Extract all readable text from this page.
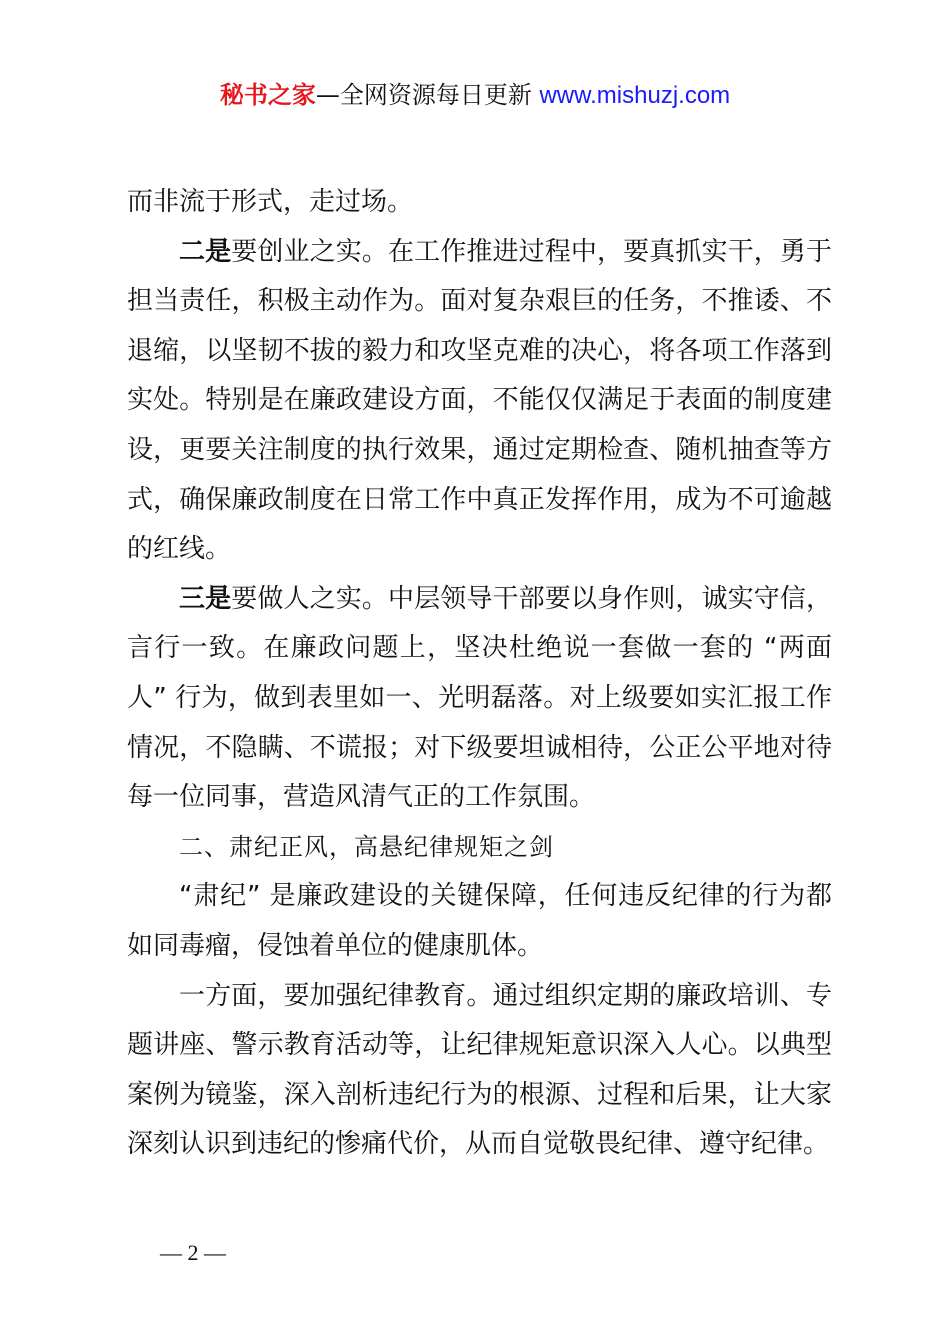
秘书之家—全网资源每日更新 www.mishuzj.com

而非流于形式，走过场。

二是要创业之实。在工作推进过程中，要真抓实干，勇于担当责任，积极主动作为。面对复杂艰巨的任务，不推诿、不退缩，以坚韧不拔的毅力和攻坚克难的决心，将各项工作落到实处。特别是在廉政建设方面，不能仅仅满足于表面的制度建设，更要关注制度的执行效果，通过定期检查、随机抽查等方式，确保廉政制度在日常工作中真正发挥作用，成为不可逾越的红线。

三是要做人之实。中层领导干部要以身作则，诚实守信，言行一致。在廉政问题上，坚决杜绝说一套做一套的 “两面人” 行为，做到表里如一、光明磊落。对上级要如实汇报工作情况，不隐瞒、不谎报；对下级要坦诚相待，公正公平地对待每一位同事，营造风清气正的工作氛围。

二、肃纪正风，高悬纪律规矩之剑

“肃纪” 是廉政建设的关键保障，任何违反纪律的行为都如同毒瘤，侵蚀着单位的健康肌体。

一方面，要加强纪律教育。通过组织定期的廉政培训、专题讲座、警示教育活动等，让纪律规矩意识深入人心。以典型案例为镜鉴，深入剖析违纪行为的根源、过程和后果，让大家深刻认识到违纪的惨痛代价，从而自觉敬畏纪律、遵守纪律。

— 2 —
